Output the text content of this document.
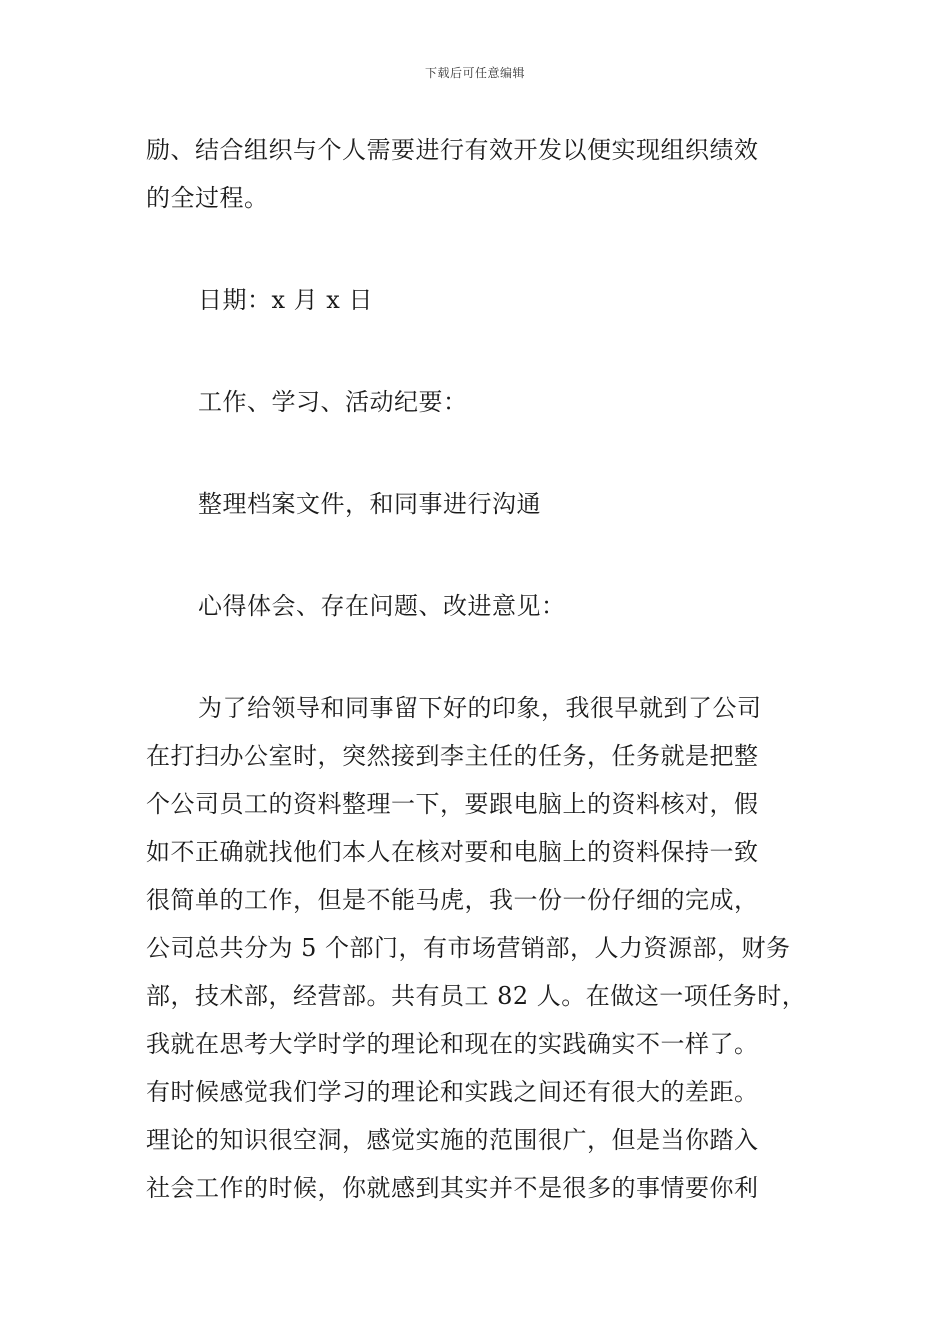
下载后可任意编辑
励、结合组织与个人需要进行有效开发以便实现组织绩效
的全过程。
日期：x 月 x 日
工作、学习、活动纪要：
整理档案文件，和同事进行沟通
心得体会、存在问题、改进意见：
为了给领导和同事留下好的印象，我很早就到了公司
在打扫办公室时，突然接到李主任的任务，任务就是把整
个公司员工的资料整理一下，要跟电脑上的资料核对，假
如不正确就找他们本人在核对要和电脑上的资料保持一致
很简单的工作，但是不能马虎，我一份一份仔细的完成，
公司总共分为 5 个部门，有市场营销部，人力资源部，财务
部，技术部，经营部。共有员工 82 人。在做这一项任务时，
我就在思考大学时学的理论和现在的实践确实不一样了。
有时候感觉我们学习的理论和实践之间还有很大的差距。
理论的知识很空洞，感觉实施的范围很广，但是当你踏入
社会工作的时候，你就感到其实并不是很多的事情要你利
